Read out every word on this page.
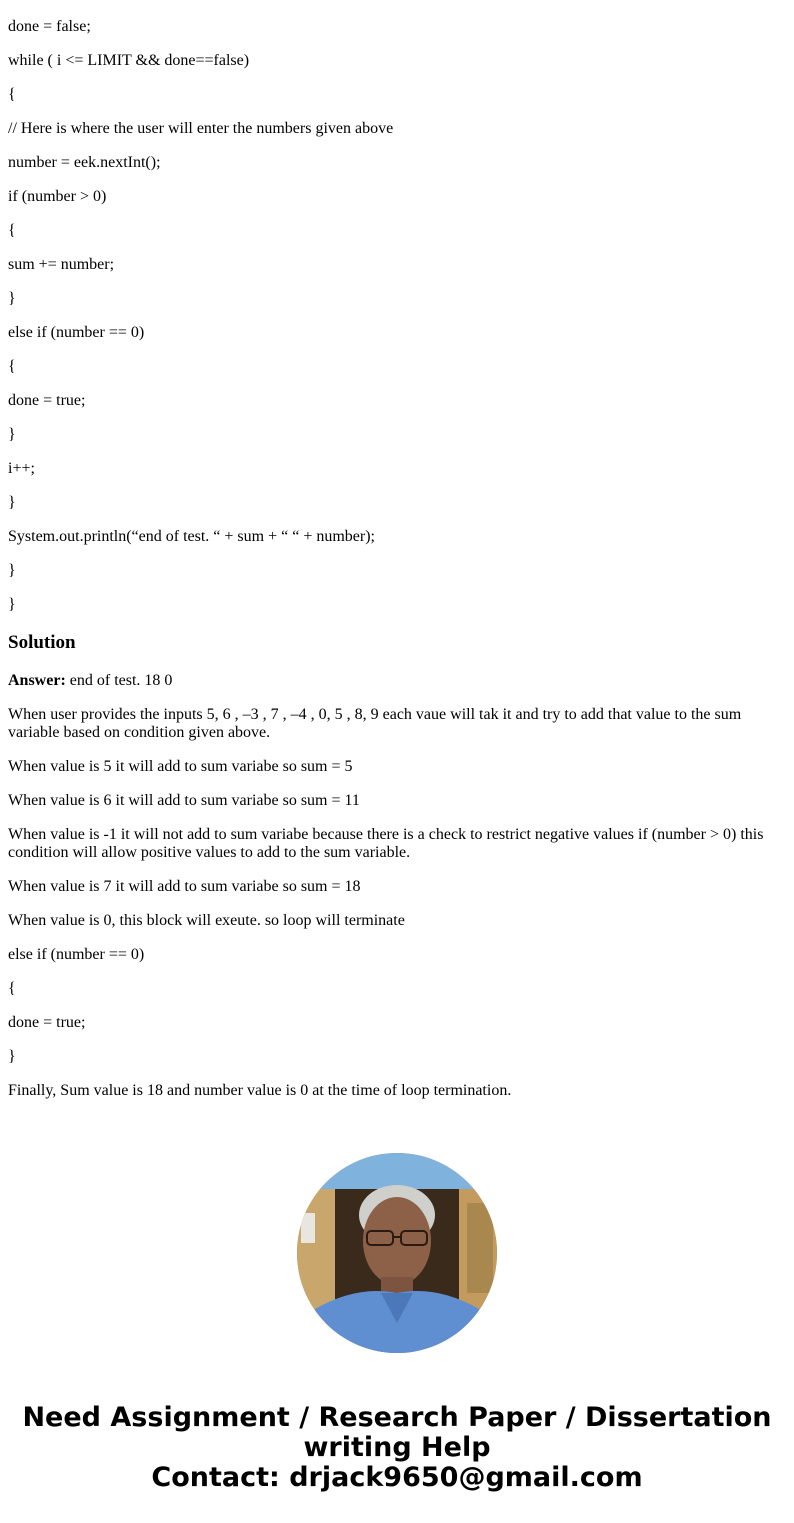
done = false;

while ( i <= LIMIT && done==false)

{

// Here is where the user will enter the numbers given above

number = eek.nextInt();

if (number > 0)

{

sum += number;

}

else if (number == 0)

{

done = true;

}

i++;

}

System.out.println(“end of test. “ + sum + “ “ + number);

}

}

Solution

Answer: end of test. 18 0

When user provides the inputs 5, 6 , –3 , 7 , –4 , 0, 5 , 8, 9 each vaue will tak it and try to add that value to the sum variable based on condition given above.

When value is 5 it will add to sum variabe so sum = 5

When value is 6 it will add to sum variabe so sum = 11

When value is -1 it will not add to sum variabe because there is a check to restrict negative values if (number > 0) this condition will allow positive values to add to the sum variable.

When value is 7 it will add to sum variabe so sum = 18

When value is 0, this block will exeute. so loop will terminate

else if (number == 0)

{

done = true;

}

Finally, Sum value is 18 and number value is 0 at the time of loop termination.

Need Assignment / Research Paper / Dissertation
writing Help
Contact: drjack9650@gmail.com
